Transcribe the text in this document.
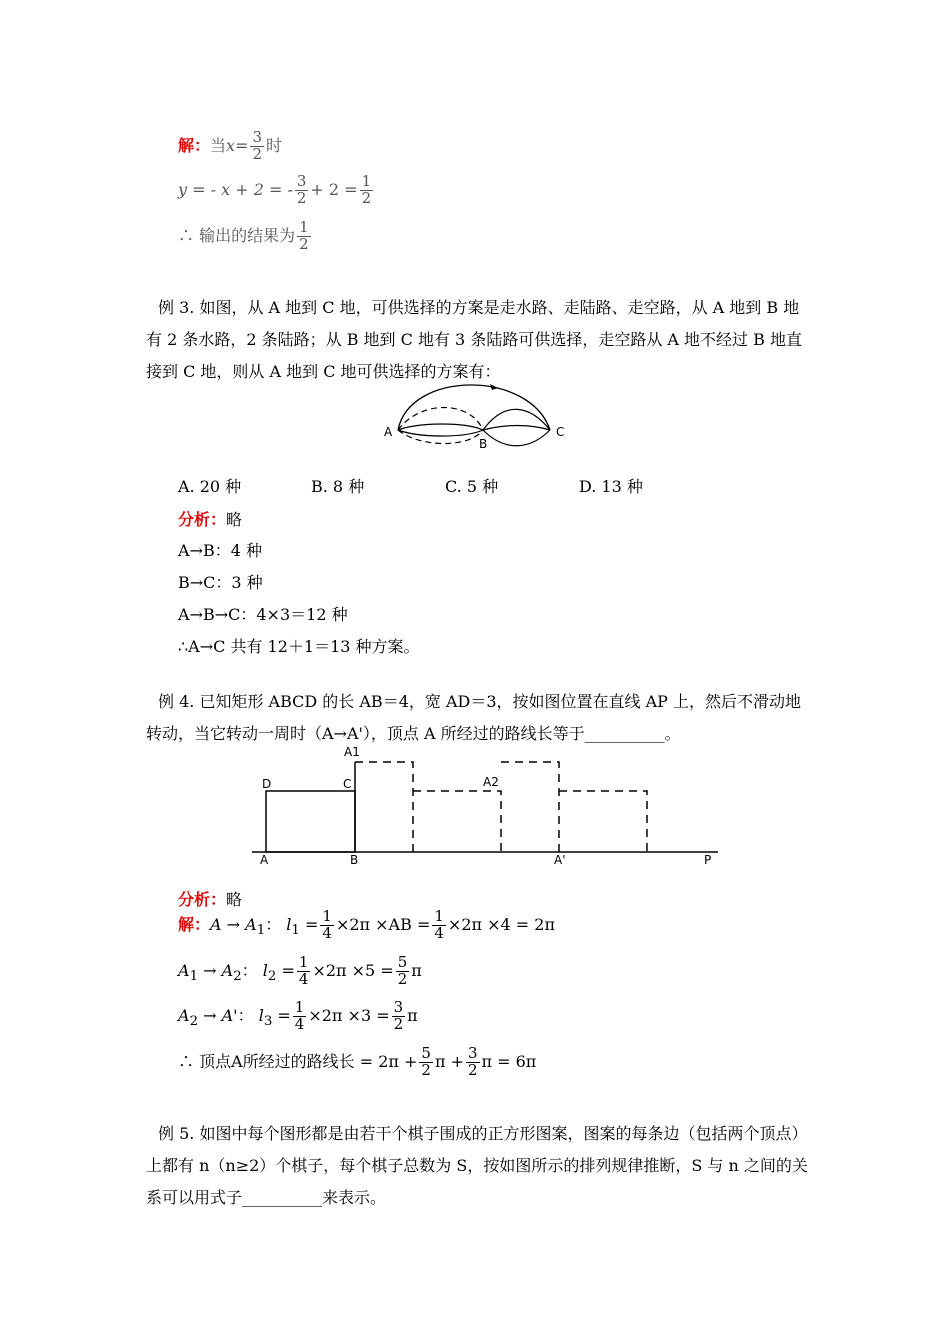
解：当$x= \frac{3}{2}$ 时
y = - x + 2 = - $\frac{3}{2} + 2 = \frac{1}{2}$
∴ 输出的结果为 $\frac{1}{2}$
例 3. 如图，从 A 地到 C 地，可供选择的方案是走水路、走陆路、走空路，从 A 地到 B 地有 2 条水路，2 条陆路；从 B 地到 C 地有 3 条陆路可供选择，走空路从 A 地不经过 B 地直接到 C 地，则从 A 地到 C 地可供选择的方案有：
A
B
C
A. 20 种	B. 8 种	C. 5 种	D. 13 种
分析：略
A→B：4 种
B→C：3 种
A→B→C：4×3＝12 种
∴A→C 共有 12＋1＝13 种方案。
例 4. 已知矩形 ABCD 的长 AB＝4，宽 AD＝3，按如图位置在直线 AP 上，然后不滑动地转动，当它转动一周时（A→A'），顶点 A 所经过的路线长等于__________。
A	B
C
D
A1
A2
A'	P
分析：略
解：$A \to A_1$： $l_1 = \frac{1}{4} \times 2\pi \times AB = \frac{1}{4} \times 2\pi \times 4 = 2\pi$
$A_1 \to A_2$： $l_2 = \frac{1}{4} \times 2\pi \times 5 = \frac{5}{2}$ π
$A_2 \to A'$： $l_3 = \frac{1}{4} \times 2\pi \times 3 = \frac{3}{2}$ π
∴ 顶点A所经过的路线长 = $2\pi + \frac{5}{2}$ $\pi + \frac{3}{2}$ π = 6π
例 5. 如图中每个图形都是由若干个棋子围成的正方形图案，图案的每条边（包括两个顶点）上都有 n（n≥2）个棋子，每个棋子总数为 S，按如图所示的排列规律推断，S 与 n 之间的关系可以用式子__________来表示。
